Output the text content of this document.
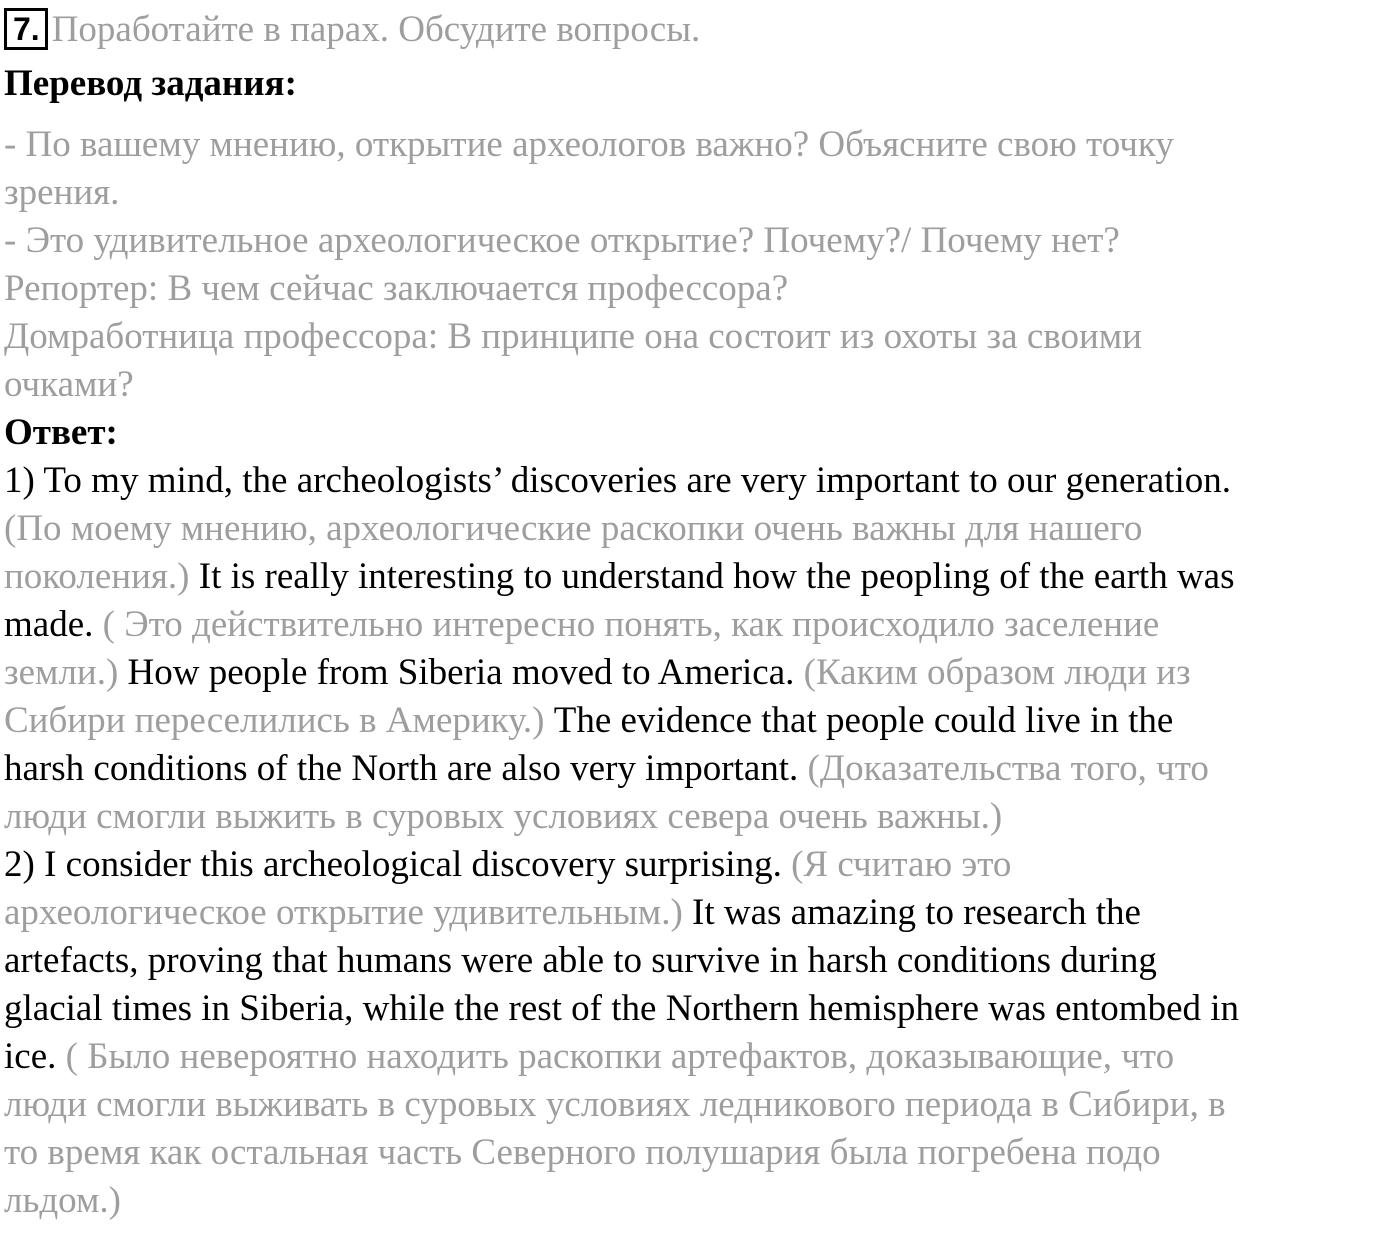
7. Поработайте в парах. Обсудите вопросы.
Перевод задания:
- По вашему мнению, открытие археологов важно? Объясните свою точку
зрения.
- Это удивительное археологическое открытие? Почему?/ Почему нет?
Репортер: В чем сейчас заключается профессора?
Домработница профессора: В принципе она состоит из охоты за своими
очками?
Ответ:
1) To my mind, the archeologists’ discoveries are very important to our generation.
(По моему мнению, археологические раскопки очень важны для нашего
поколения.) It is really interesting to understand how the peopling of the earth was
made. ( Это действительно интересно понять, как происходило заселение
земли.) How people from Siberia moved to America. (Каким образом люди из
Сибири переселились в Америку.) The evidence that people could live in the
harsh conditions of the North are also very important. (Доказательства того, что
люди смогли выжить в суровых условиях севера очень важны.)
2) I consider this archeological discovery surprising. (Я считаю это
археологическое открытие удивительным.) It was amazing to research the
artefacts, proving that humans were able to survive in harsh conditions during
glacial times in Siberia, while the rest of the Northern hemisphere was entombed in
ice. ( Было невероятно находить раскопки артефактов, доказывающие, что
люди смогли выживать в суровых условиях ледникового периода в Сибири, в
то время как остальная часть Северного полушария была погребена подо
льдом.)
